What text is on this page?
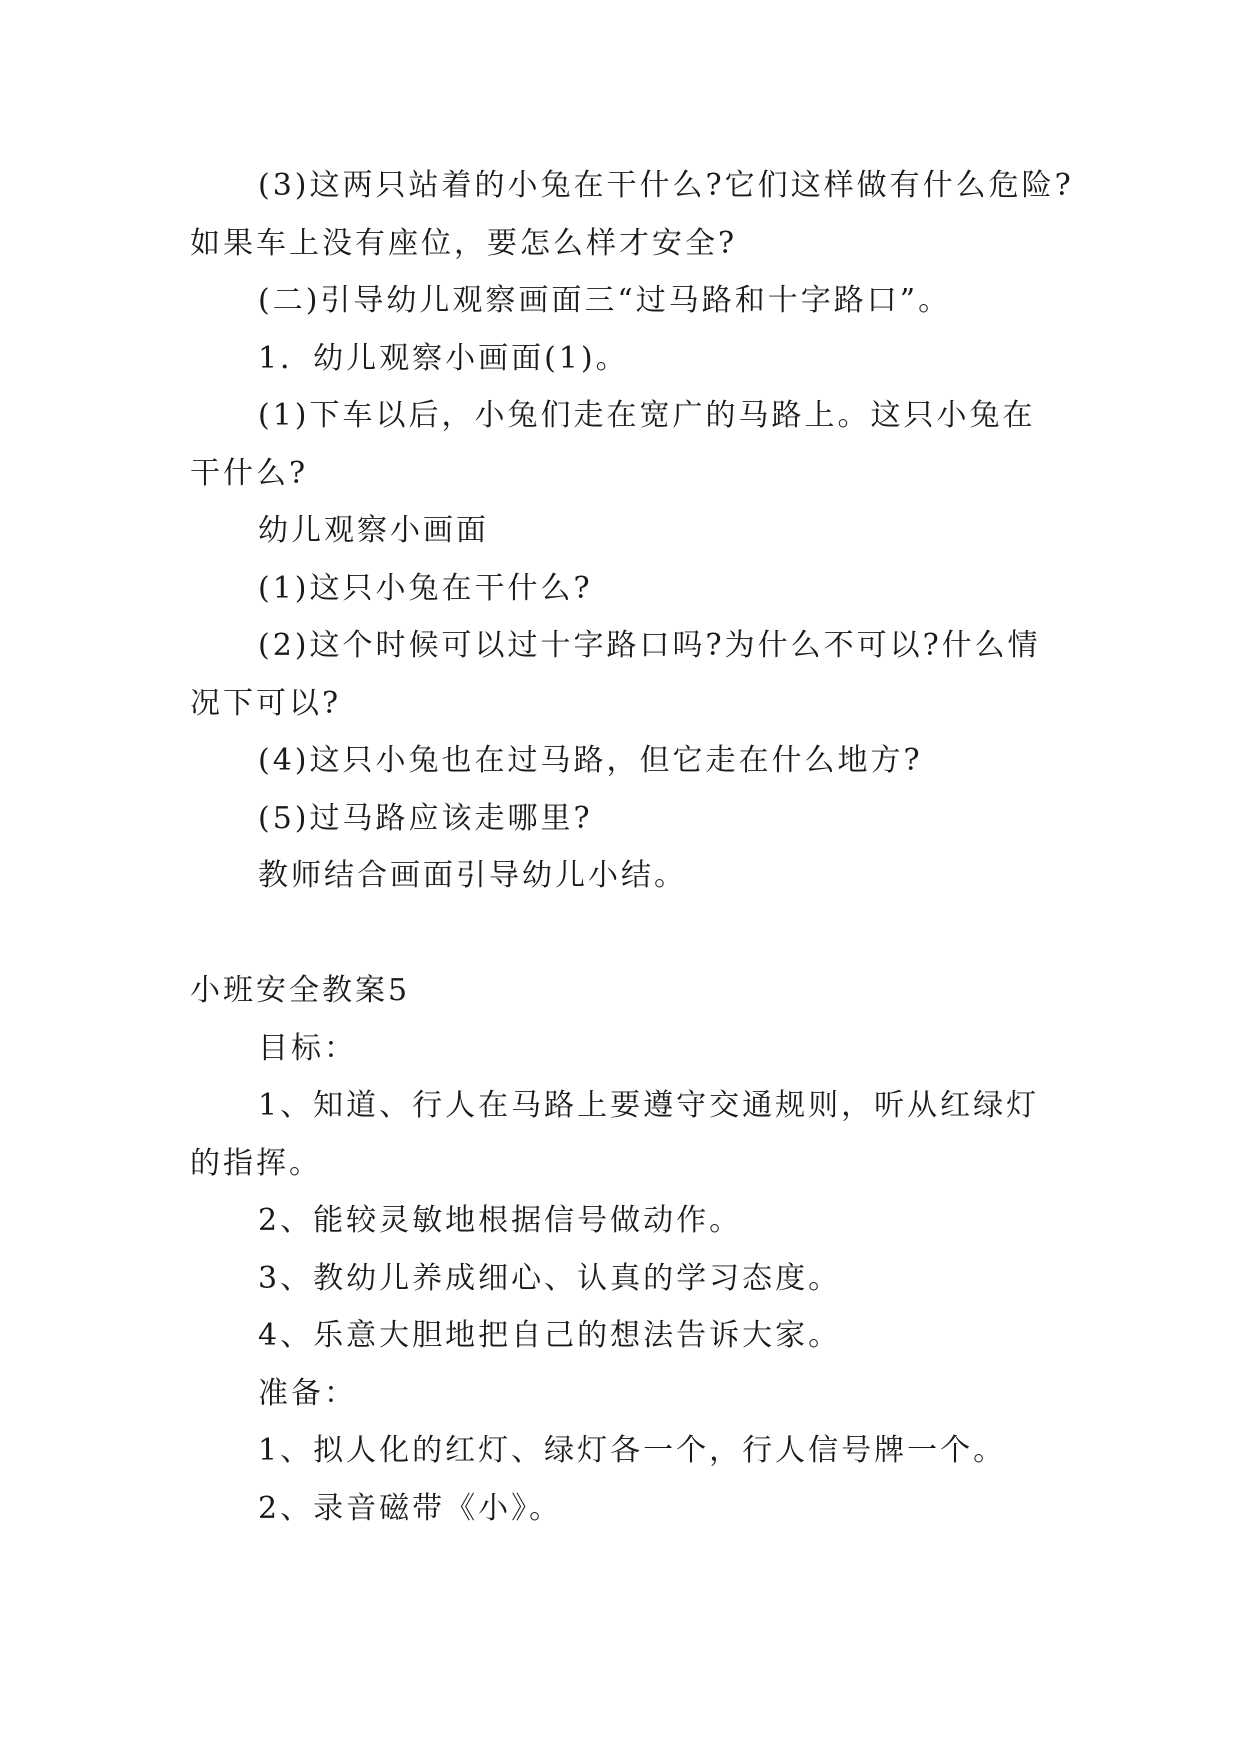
(3)这两只站着的小兔在干什么?它们这样做有什么危险?
如果车上没有座位，要怎么样才安全?
(二)引导幼儿观察画面三“过马路和十字路口”。
1．幼儿观察小画面(1)。
(1)下车以后，小兔们走在宽广的马路上。这只小兔在
干什么?
幼儿观察小画面
(1)这只小兔在干什么?
(2)这个时候可以过十字路口吗?为什么不可以?什么情
况下可以?
(4)这只小兔也在过马路，但它走在什么地方?
(5)过马路应该走哪里?
教师结合画面引导幼儿小结。
小班安全教案5
目标：
1、知道、行人在马路上要遵守交通规则，听从红绿灯
的指挥。
2、能较灵敏地根据信号做动作。
3、教幼儿养成细心、认真的学习态度。
4、乐意大胆地把自己的想法告诉大家。
准备：
1、拟人化的红灯、绿灯各一个，行人信号牌一个。
2、录音磁带《小》。
